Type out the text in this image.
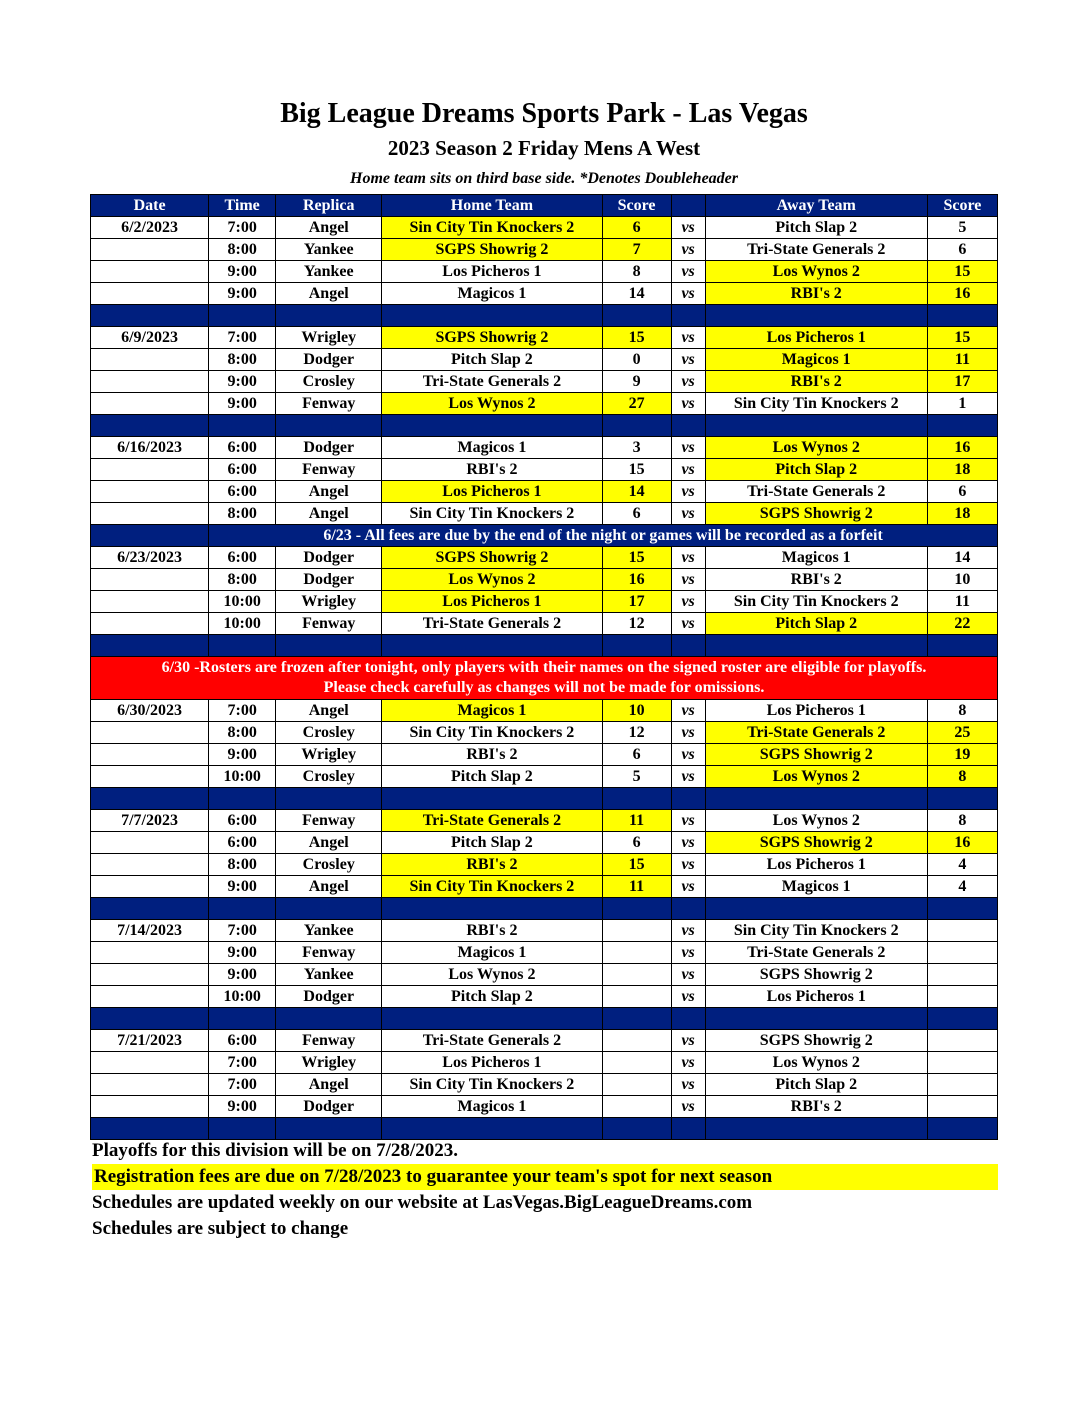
Big League Dreams Sports Park - Las Vegas
2023 Season 2 Friday Mens A West
Home team sits on third base side. *Denotes Doubleheader
Date	Time	Replica	Home Team	Score		Away Team	Score
6/2/2023	7:00	Angel	Sin City Tin Knockers 2	6	vs	Pitch Slap 2	5
	8:00	Yankee	SGPS Showrig 2	7	vs	Tri-State Generals 2	6
	9:00	Yankee	Los Picheros 1	8	vs	Los Wynos 2	15
	9:00	Angel	Magicos 1	14	vs	RBI's 2	16

6/9/2023	7:00	Wrigley	SGPS Showrig 2	15	vs	Los Picheros 1	15
	8:00	Dodger	Pitch Slap 2	0	vs	Magicos 1	11
	9:00	Crosley	Tri-State Generals 2	9	vs	RBI's 2	17
	9:00	Fenway	Los Wynos 2	27	vs	Sin City Tin Knockers 2	1

6/16/2023	6:00	Dodger	Magicos 1	3	vs	Los Wynos 2	16
	6:00	Fenway	RBI's 2	15	vs	Pitch Slap 2	18
	6:00	Angel	Los Picheros 1	14	vs	Tri-State Generals 2	6
	8:00	Angel	Sin City Tin Knockers 2	6	vs	SGPS Showrig 2	18
	6/23 - All fees are due by the end of the night or games will be recorded as a forfeit						
6/23/2023	6:00	Dodger	SGPS Showrig 2	15	vs	Magicos 1	14
	8:00	Dodger	Los Wynos 2	16	vs	RBI's 2	10
	10:00	Wrigley	Los Picheros 1	17	vs	Sin City Tin Knockers 2	11
	10:00	Fenway	Tri-State Generals 2	12	vs	Pitch Slap 2	22

6/30 -Rosters are frozen after tonight, only players with their names on the signed roster are eligible for playoffs.
Please check carefully as changes will not be made for omissions.							

6/30/2023	7:00	Angel	Magicos 1	10	vs	Los Picheros 1	8
	8:00	Crosley	Sin City Tin Knockers 2	12	vs	Tri-State Generals 2	25
	9:00	Wrigley	RBI's 2	6	vs	SGPS Showrig 2	19
	10:00	Crosley	Pitch Slap 2	5	vs	Los Wynos 2	8

7/7/2023	6:00	Fenway	Tri-State Generals 2	11	vs	Los Wynos 2	8
	6:00	Angel	Pitch Slap 2	6	vs	SGPS Showrig 2	16
	8:00	Crosley	RBI's 2	15	vs	Los Picheros 1	4
	9:00	Angel	Sin City Tin Knockers 2	11	vs	Magicos 1	4

7/14/2023	7:00	Yankee	RBI's 2		vs	Sin City Tin Knockers 2	
	9:00	Fenway	Magicos 1		vs	Tri-State Generals 2	
	9:00	Yankee	Los Wynos 2		vs	SGPS Showrig 2	
	10:00	Dodger	Pitch Slap 2		vs	Los Picheros 1	

7/21/2023	6:00	Fenway	Tri-State Generals 2		vs	SGPS Showrig 2	
	7:00	Wrigley	Los Picheros 1		vs	Los Wynos 2	
	7:00	Angel	Sin City Tin Knockers 2		vs	Pitch Slap 2	
	9:00	Dodger	Magicos 1		vs	RBI's 2	

Playoffs for this division will be on 7/28/2023.
Registration fees are due on 7/28/2023 to guarantee your team's spot for next season
Schedules are updated weekly on our website at LasVegas.BigLeagueDreams.com
Schedules are subject to change
